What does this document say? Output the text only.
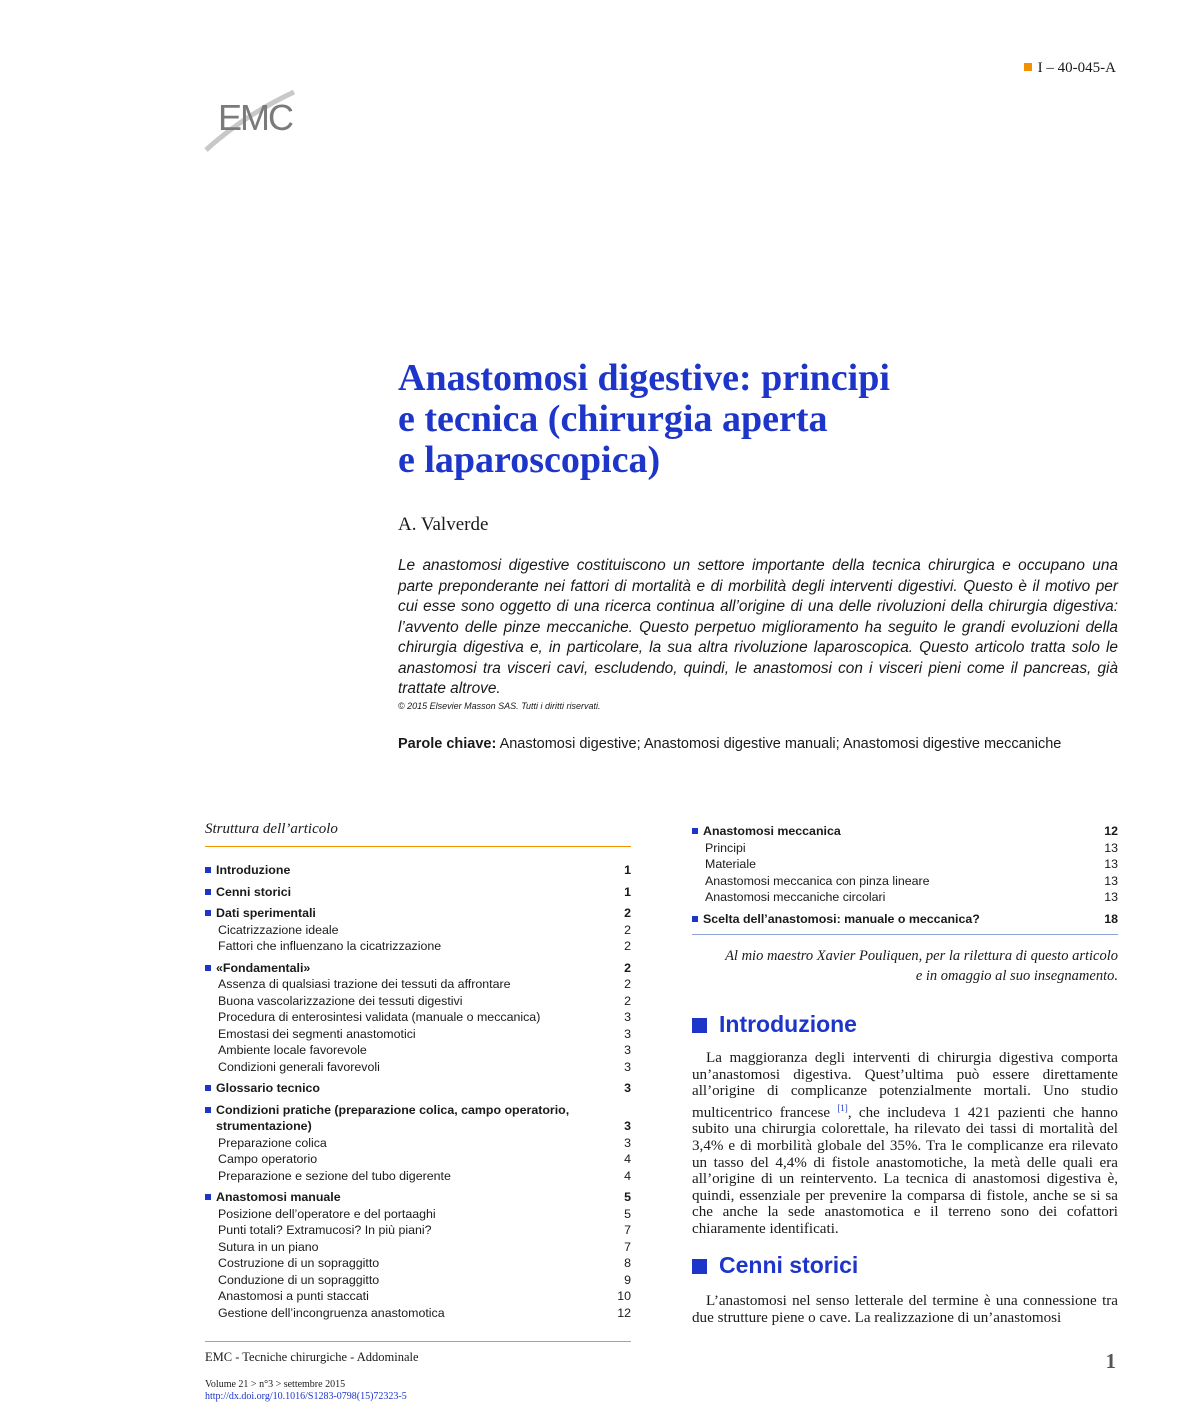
EMC
I – 40-045-A
Anastomosi digestive: principi
e tecnica (chirurgia aperta
e laparoscopica)
A. Valverde

Le anastomosi digestive costituiscono un settore importante della tecnica chirurgica e occupano una parte preponderante nei fattori di mortalità e di morbilità degli interventi digestivi. Questo è il motivo per cui esse sono oggetto di una ricerca continua all’origine di una delle rivoluzioni della chirurgia digestiva: l’avvento delle pinze meccaniche. Questo perpetuo miglioramento ha seguito le grandi evoluzioni della chirurgia digestiva e, in particolare, la sua altra rivoluzione laparoscopica. Questo articolo tratta solo le anastomosi tra visceri cavi, escludendo, quindi, le anastomosi con i visceri pieni come il pancreas, già trattate altrove.

© 2015 Elsevier Masson SAS. Tutti i diritti riservati.
Parole chiave: Anastomosi digestive; Anastomosi digestive manuali; Anastomosi digestive meccaniche
Struttura dell’articolo
Introduzione	1
Cenni storici	1
Dati sperimentali	2
Cicatrizzazione ideale	2
Fattori che influenzano la cicatrizzazione	2
«Fondamentali»	2
Assenza di qualsiasi trazione dei tessuti da affrontare	2
Buona vascolarizzazione dei tessuti digestivi	2
Procedura di enterosintesi validata (manuale o meccanica)	3
Emostasi dei segmenti anastomotici	3
Ambiente locale favorevole	3
Condizioni generali favorevoli	3
Glossario tecnico	3
Condizioni pratiche (preparazione colica, campo operatorio, strumentazione)	3
Preparazione colica	3
Campo operatorio	4
Preparazione e sezione del tubo digerente	4
Anastomosi manuale	5
Posizione dell’operatore e del portaaghi	5
Punti totali? Extramucosi? In più piani?	7
Sutura in un piano	7
Costruzione di un sopraggitto	8
Conduzione di un sopraggitto	9
Anastomosi a punti staccati	10
Gestione dell’incongruenza anastomotica	12
Anastomosi meccanica	12
Principi	13
Materiale	13
Anastomosi meccanica con pinza lineare	13
Anastomosi meccaniche circolari	13
Scelta dell’anastomosi: manuale o meccanica?	18

Al mio maestro Xavier Pouliquen, per la rilettura di questo articolo
e in omaggio al suo insegnamento.

Introduzione

La maggioranza degli interventi di chirurgia digestiva comporta un’anastomosi digestiva. Quest’ultima può essere direttamente all’origine di complicanze potenzialmente mortali. Uno studio multicentrico francese [1], che includeva 1 421 pazienti che hanno subito una chirurgia colorettale, ha rilevato dei tassi di mortalità del 3,4% e di morbilità globale del 35%. Tra le complicanze era rilevato un tasso del 4,4% di fistole anastomotiche, la metà delle quali era all’origine di un reintervento. La tecnica di anastomosi digestiva è, quindi, essenziale per prevenire la comparsa di fistole, anche se si sa che anche la sede anastomotica e il terreno sono dei cofattori chiaramente identificati.

Cenni storici

L’anastomosi nel senso letterale del termine è una connessione tra due strutture piene o cave. La realizzazione di un’anastomosi

EMC - Tecniche chirurgiche - Addominale
Volume 21 > n°3 > settembre 2015
http://dx.doi.org/10.1016/S1283-0798(15)72323-5
1
